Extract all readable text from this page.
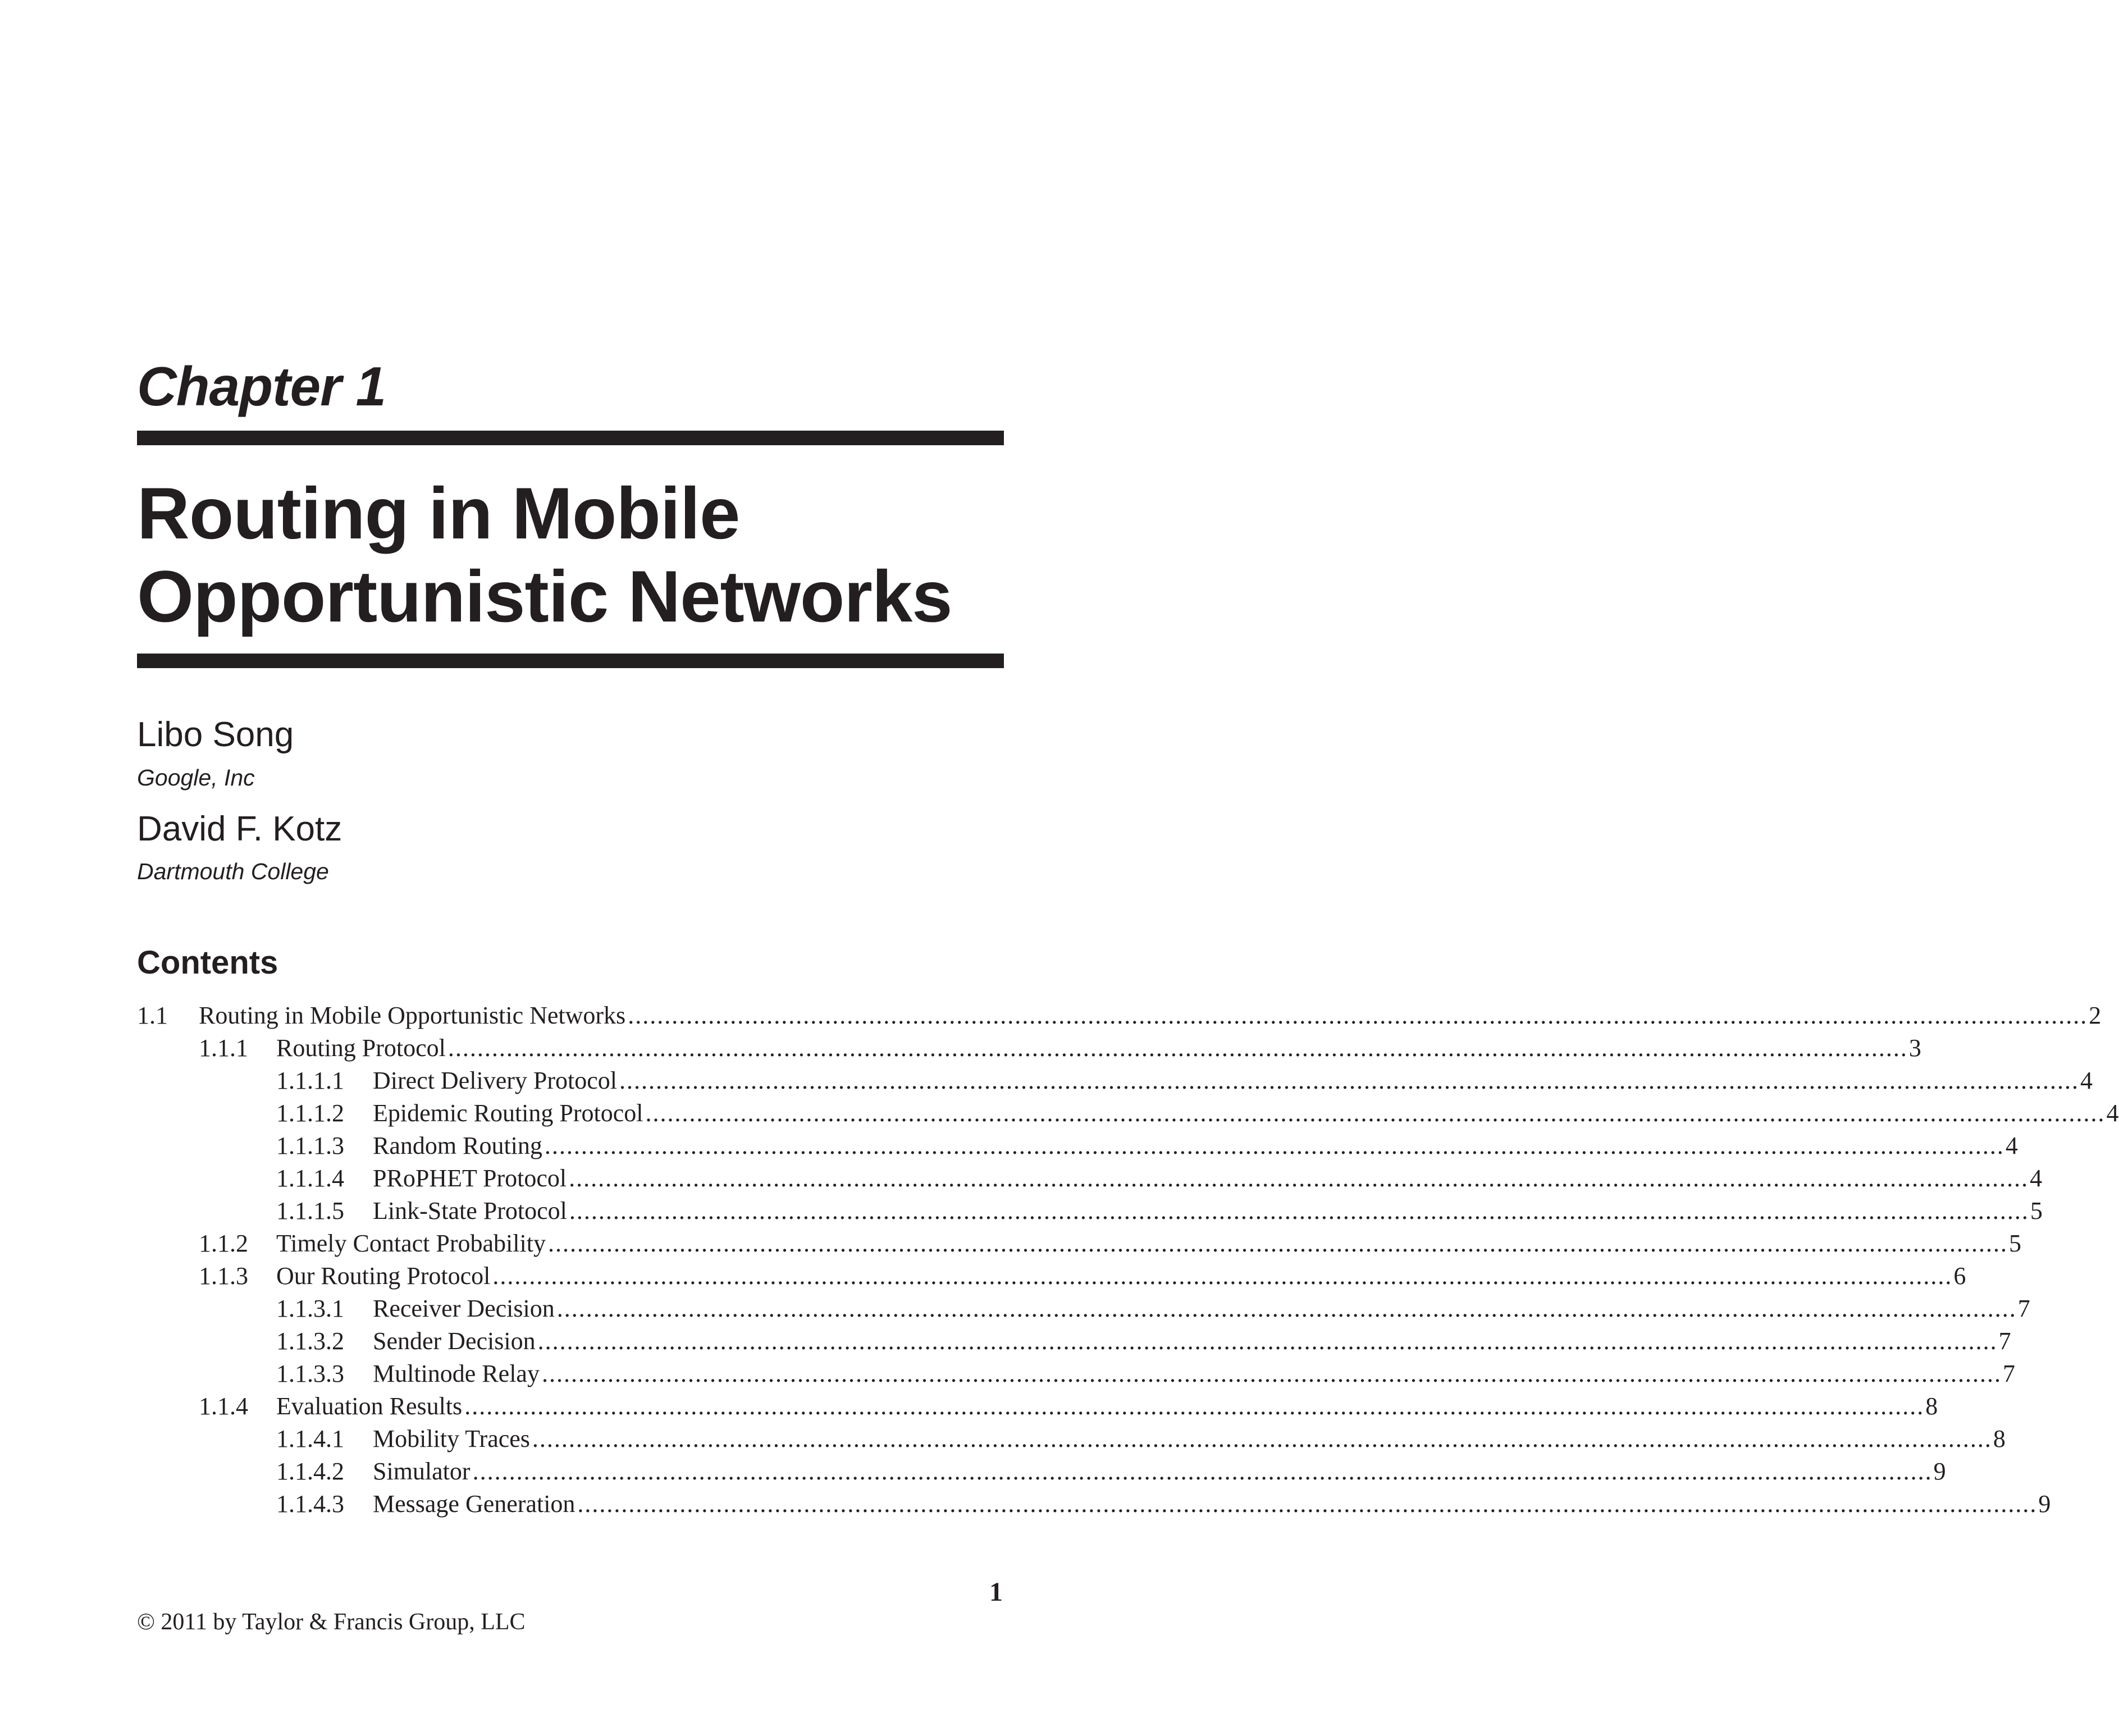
Chapter 1
Routing in Mobile
Opportunistic Networks
Libo Song
Google, Inc
David F. Kotz
Dartmouth College
Contents
1.1	Routing in Mobile Opportunistic Networks ........................................................................................................................................................................................................ 2
1.1.1	Routing Protocol ........................................................................................................................................................................................................ 3
1.1.1.1	Direct Delivery Protocol ........................................................................................................................................................................................................ 4
1.1.1.2	Epidemic Routing Protocol ........................................................................................................................................................................................................ 4
1.1.1.3	Random Routing ........................................................................................................................................................................................................ 4
1.1.1.4	PRoPHET Protocol ........................................................................................................................................................................................................ 4
1.1.1.5	Link-State Protocol ........................................................................................................................................................................................................ 5
1.1.2	Timely Contact Probability ........................................................................................................................................................................................................ 5
1.1.3	Our Routing Protocol ........................................................................................................................................................................................................ 6
1.1.3.1	Receiver Decision ........................................................................................................................................................................................................ 7
1.1.3.2	Sender Decision ........................................................................................................................................................................................................ 7
1.1.3.3	Multinode Relay ........................................................................................................................................................................................................ 7
1.1.4	Evaluation Results ........................................................................................................................................................................................................ 8
1.1.4.1	Mobility Traces ........................................................................................................................................................................................................ 8
1.1.4.2	Simulator ........................................................................................................................................................................................................ 9
1.1.4.3	Message Generation ........................................................................................................................................................................................................ 9
1
© 2011 by Taylor & Francis Group, LLC
